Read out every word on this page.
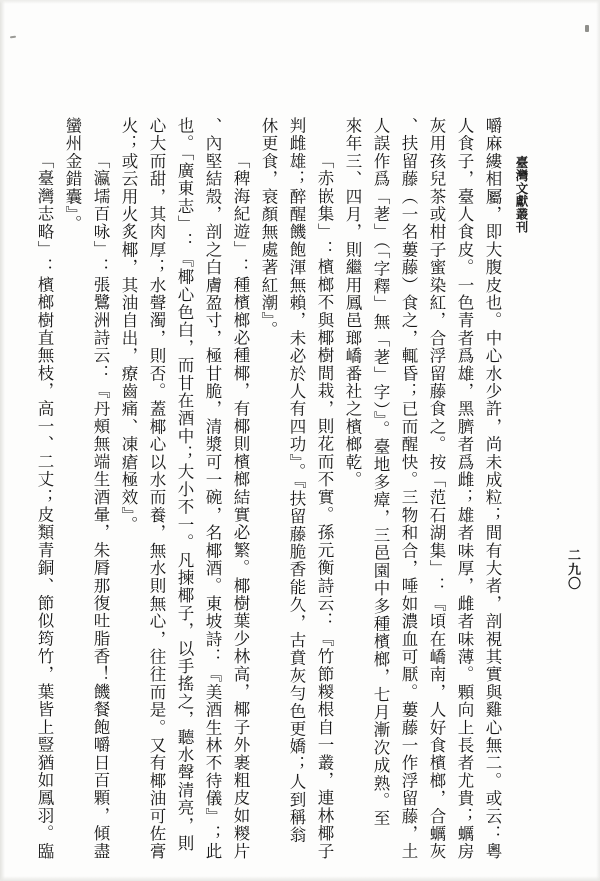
臺灣文獻叢刊
二九〇
嚼麻縷相屬，即大腹皮也。中心水少許，尚未成粒；間有大者，剖視其實與雞心無二。或云：粵
人食子，臺人食皮。一色青者爲雄，黑臍者爲雌；雄者味厚，雌者味薄。顆向上長者尤貴；蠣房
灰用孩兒茶或柑子蜜染紅，合浮留藤食之。按「范石湖集」：『頃在嶠南，人好食檳榔，合蠣灰
、扶留藤（一名蔞藤）食之，輒昏；已而醒快。三物和合，唾如濃血可厭。蔞藤一作浮留藤，土
人誤作爲「荖」（「字釋」無「荖」字）』。臺地多瘴，三邑園中多種檳榔，七月漸次成熟。至
來年三、四月，則繼用鳳邑瑯嶠番社之檳榔乾。
「赤嵌集」：檳榔不與椰樹間栽，則花而不實。孫元衡詩云：『竹節糉根自一叢，連林椰子
判雌雄；醉醒饑飽渾無賴，未必於人有四功』。『扶留藤脆香能久，古賁灰勻色更嬌；人到稱翁
休更食，衰顏無處著紅潮』。
「稗海紀遊」：種檳榔必種椰，有椰則檳榔結實必繁。椰樹葉少林高，椰子外裹粗皮如糉片
、內堅結殼，剖之白膚盈寸，極甘脆，清漿可一碗，名椰酒。東坡詩：『美酒生林不待儀』；此
也。「廣東志」：『椰心色白，而甘在酒中；大小不一。凡揀椰子，以手搖之，聽水聲清亮，則
心大而甜，其肉厚；水聲濁，則否。蓋椰心以水而養，無水則無心，往往而是。又有椰油可佐膏
火；或云用火炙椰，其油自出，療齒痛、凍瘡極效』。
「瀛壖百咏」：張鷺洲詩云：『丹頰無端生酒暈，朱脣那復吐脂香！饑餐飽嚼日百顆，傾盡
蠻州金錯囊』。
「臺灣志略」：檳榔樹直無枝，高一、二丈；皮類青銅、節似筠竹，葉皆上豎猶如鳳羽。臨
